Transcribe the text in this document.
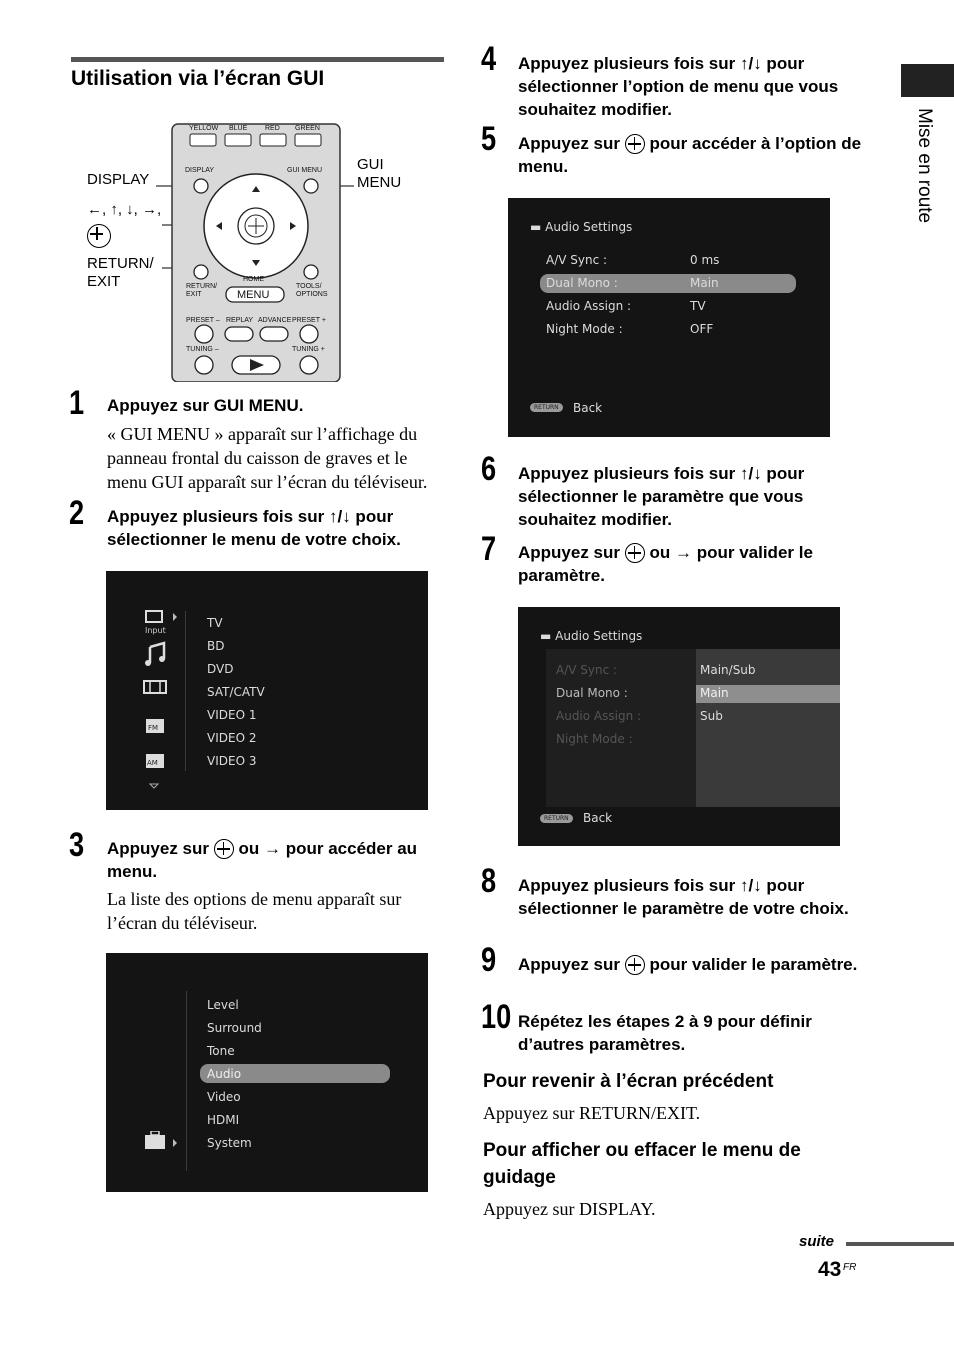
Utilisation via l’écran GUI
Mise en route
DISPLAY
←, ↑, ↓, →,
RETURN/
EXIT
GUI
MENU
YELLOW BLUE	RED GREEN
DISPLAY	GUI MENU
RETURN/ EXIT
HOME
MENU
TOOLS/ OPTIONS
PRESET – REPLAY ADVANCE PRESET +
TUNING –	TUNING +
1 Appuyez sur GUI MENU.
« GUI MENU » apparaît sur l’affichage du panneau frontal du caisson de graves et le menu GUI apparaît sur l’écran du téléviseur.
2 Appuyez plusieurs fois sur ↑/↓ pour sélectionner le menu de votre choix.
Input
FM
AM
TV
BD
DVD
SAT/CATV
VIDEO 1
VIDEO 2
VIDEO 3
3 Appuyez sur ou → pour accéder au menu.
La liste des options de menu apparaît sur l’écran du téléviseur.
Level
Surround
Tone
Audio
Video
HDMI
System
4 Appuyez plusieurs fois sur ↑/↓ pour sélectionner l’option de menu que vous souhaitez modifier.
5 Appuyez sur pour accéder à l’option de menu.
▬ Audio Settings
A/V Sync :	0 ms
Dual Mono :	Main
Audio Assign :	TV
Night Mode :	OFF
RETURN	Back
6 Appuyez plusieurs fois sur ↑/↓ pour sélectionner le paramètre que vous souhaitez modifier.
7 Appuyez sur ou → pour valider le paramètre.
▬ Audio Settings
A/V Sync :
Dual Mono :
Audio Assign :
Night Mode :
Main/Sub
Main
Sub
RETURN	Back
8 Appuyez plusieurs fois sur ↑/↓ pour sélectionner le paramètre de votre choix.
9 Appuyez sur pour valider le paramètre.
10 Répétez les étapes 2 à 9 pour définir d’autres paramètres.
Pour revenir à l’écran précédent
Appuyez sur RETURN/EXIT.
Pour afficher ou effacer le menu de guidage
Appuyez sur DISPLAY.
suite
43 FR
